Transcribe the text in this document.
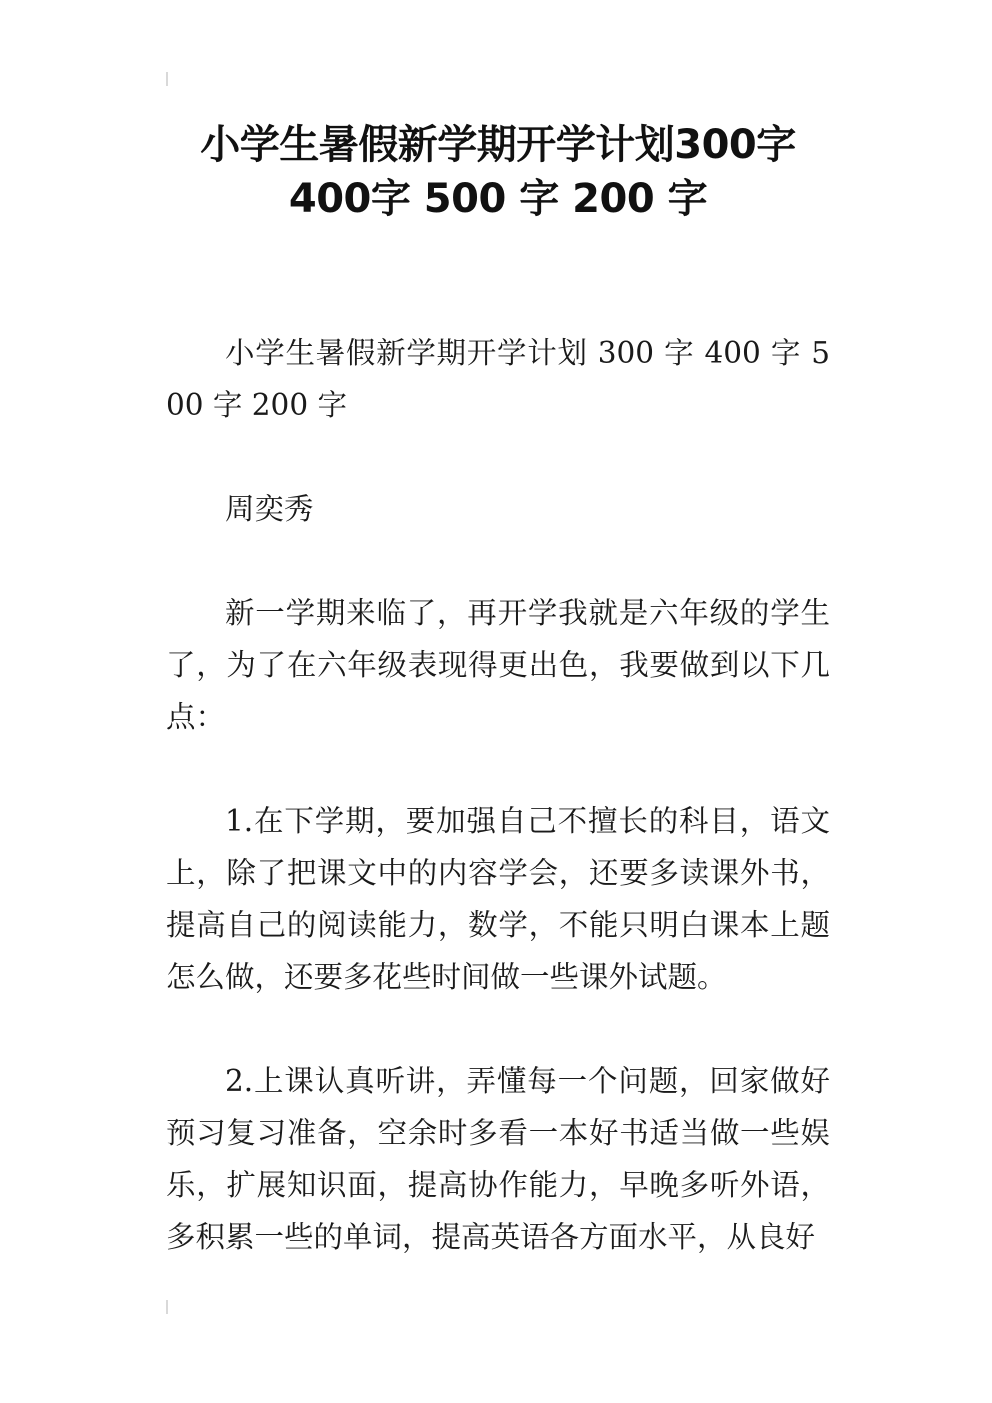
小学生暑假新学期开学计划300字400字 500 字 200 字

小学生暑假新学期开学计划 300 字 400 字 500 字 200 字

周奕秀

新一学期来临了，再开学我就是六年级的学生了，为了在六年级表现得更出色，我要做到以下几点：

1.在下学期，要加强自己不擅长的科目，语文上，除了把课文中的内容学会，还要多读课外书，提高自己的阅读能力，数学，不能只明白课本上题怎么做，还要多花些时间做一些课外试题。

2.上课认真听讲，弄懂每一个问题，回家做好预习复习准备，空余时多看一本好书适当做一些娱乐，扩展知识面，提高协作能力，早晚多听外语，多积累一些的单词，提高英语各方面水平，从良好
